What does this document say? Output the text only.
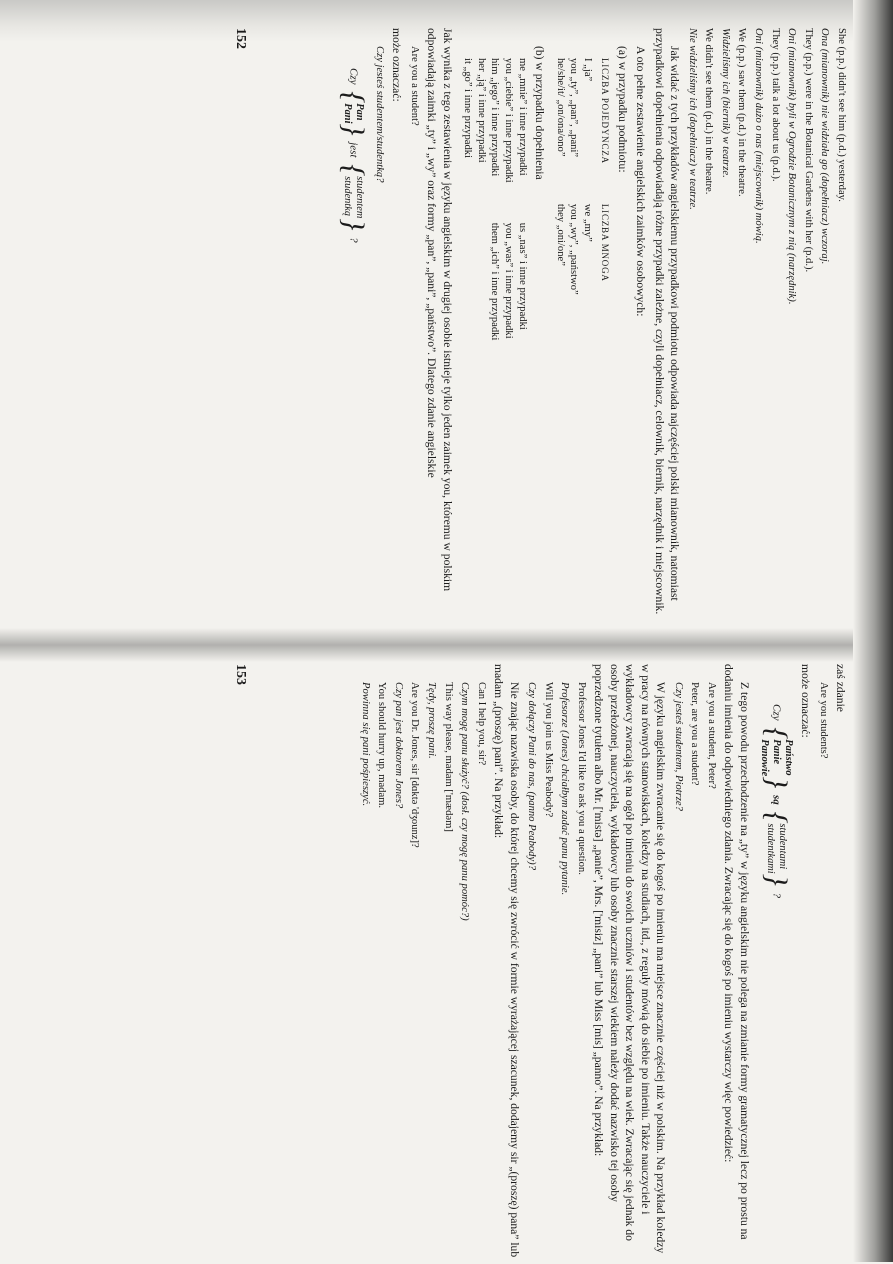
She (p.p.) didn't see him (p.d.) yesterday.

Ona (mianownik) nie widziała go (dopełniacz) wczoraj.

They (p.p.) were in the Botanical Gardens with her (p.d.).

Oni (mianownik) byli w Ogrodzie Botanicznym z nią (narzędnik).

They (p.p.) talk a lot about us (p.d.).

Oni (mianownik) dużo o nas (miejscownik) mówią.

We (p.p.) saw them (p.d.) in the theatre.

Widzieliśmy ich (biernik) w teatrze.

We didn't see them (p.d.) in the theatre.

Nie widzieliśmy ich (dopełniacz) w teatrze.

Jak widać z tych przykładów angielskiemu przypadkowi podmiotu odpowiada najczęściej polski mianownik, natomiast przypadkowi dopełnienia odpowiadają różne przypadki zależne, czyli dopełniacz, celownik, biernik, narzędnik i miejscownik.

A oto pełne zestawienie angielskich zaimków osobowych:

(a) w przypadku podmiotu:

LICZBA POJEDYNCZA
I „ja”
you „ty”, „pan”, „pani”
he/she/it/ „on/ona/ono”
LICZBA MNOGA
we „my”
you „wy”, „państwo”
they „oni/one”

(b) w przypadku dopełnienia

me „mnie” i inne przypadki
you „ciebie” i inne przypadki
him „jego” i inne przypadki
her „ją” i inne przypadki
it „go” i inne przypadki
us „nas” i inne przypadki
you „was” i inne przypadki
them „ich” i inne przypadki

Jak wynika z tego zestawienia w języku angielskim w drugiej osobie istnieje tylko jeden zaimek you, któremu w polskim odpowiadają zaimki „ty” i „wy” oraz formy „pan”, „pani”, „państwo”. Dlatego zdanie angielskie

Are you a student?

może oznaczać:

Czy jesteś studentem/studentką?

Czy
{
Pan
Pani
}
jest
{
studentem
studentką
}
?
152

zaś zdanie

Are you students?

może oznaczać:

Czy
{
Państwo
Panie
Panowie
}
są
{
studentami
studentkami
}
?

Z tego powodu przechodzenie na „ty” w języku angielskim nie polega na zmianie formy gramatycznej lecz po prostu na dodaniu imienia do odpowiedniego zdania. Zwracając się do kogoś po imieniu wystarczy więc powiedzieć:

Are you a student, Peter?

Peter, are you a student?

Czy jesteś studentem, Piotrze?

W języku angielskim zwracanie się do kogoś po imieniu ma miejsce znacznie częściej niż w polskim. Na przykład koledzy w pracy na równych stanowiskach, koledzy na studiach, itd., z reguły mówią do siebie po imieniu. Także nauczyciele i wykładowcy zwracają się na ogół po imieniu do swoich uczniów i studentów bez względu na wiek. Zwracając się jednak do osoby przełożonej, nauczyciela, wykładowcy lub osoby znacznie starszej wiekiem należy dodać nazwisko tej osoby poprzedzone tytułem albo Mr. ['mistə] „panie”, Mrs. ['misiz] „pani” lub Miss [mis] „panno”. Na przykład:

Professor Jones I'd like to ask you a question.

Profesorze (Jones) chciałbym zadać panu pytanie.

Will you join us Miss Peabody?

Czy dołączy Pani do nas, (panno Peabody)?

Nie znając nazwiska osoby, do której chcemy się zwrócić w formie wyrażającej szacunek, dodajemy sir „(proszę) pana” lub madam „(proszę) pani”. Na przykład:

Can I help you, sir?

Czym mogę panu służyć? (dosł. czy mogę panu pomóc?)

This way please, madam ['mædəm]

Tędy, proszę pani.

Are you Dr. Jones, sir [dɑktə 'dʒounz]?

Czy pan jest doktorem Jones?

You should hurry up, madam.

Powinna się pani pośpieszyć.

153
